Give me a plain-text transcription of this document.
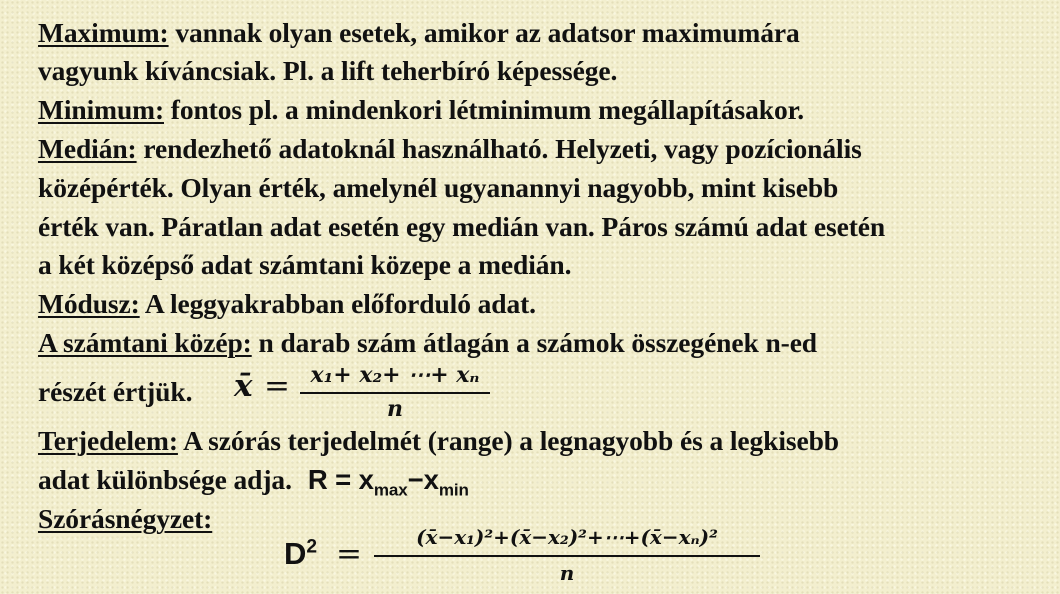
Maximum: vannak olyan esetek, amikor az adatsor maximumára
vagyunk kíváncsiak. Pl. a lift teherbíró képessége.
Minimum: fontos pl. a mindenkori létminimum megállapításakor.
Medián: rendezhető adatoknál használható. Helyzeti, vagy pozícionális
középérték. Olyan érték, amelynél ugyanannyi nagyobb, mint kisebb
érték van. Páratlan adat esetén egy medián van. Páros számú adat esetén
a két középső adat számtani közepe a medián.
Módusz: A leggyakrabban előforduló adat.
A számtani közép: n darab szám átlagán a számok összegének n-ed
részét értjük. x̄ = x₁+ x₂+ ⋯+ xₙ
n
Terjedelem: A szórás terjedelmét (range) a legnagyobb és a legkisebb
adat különbsége adja. $R = x_{max}-x_{min}$
Szórásnégyzet:
$D^2$ =	(x̄−x₁)²+(x̄−x₂)²+⋯+(x̄−xₙ)²
n
